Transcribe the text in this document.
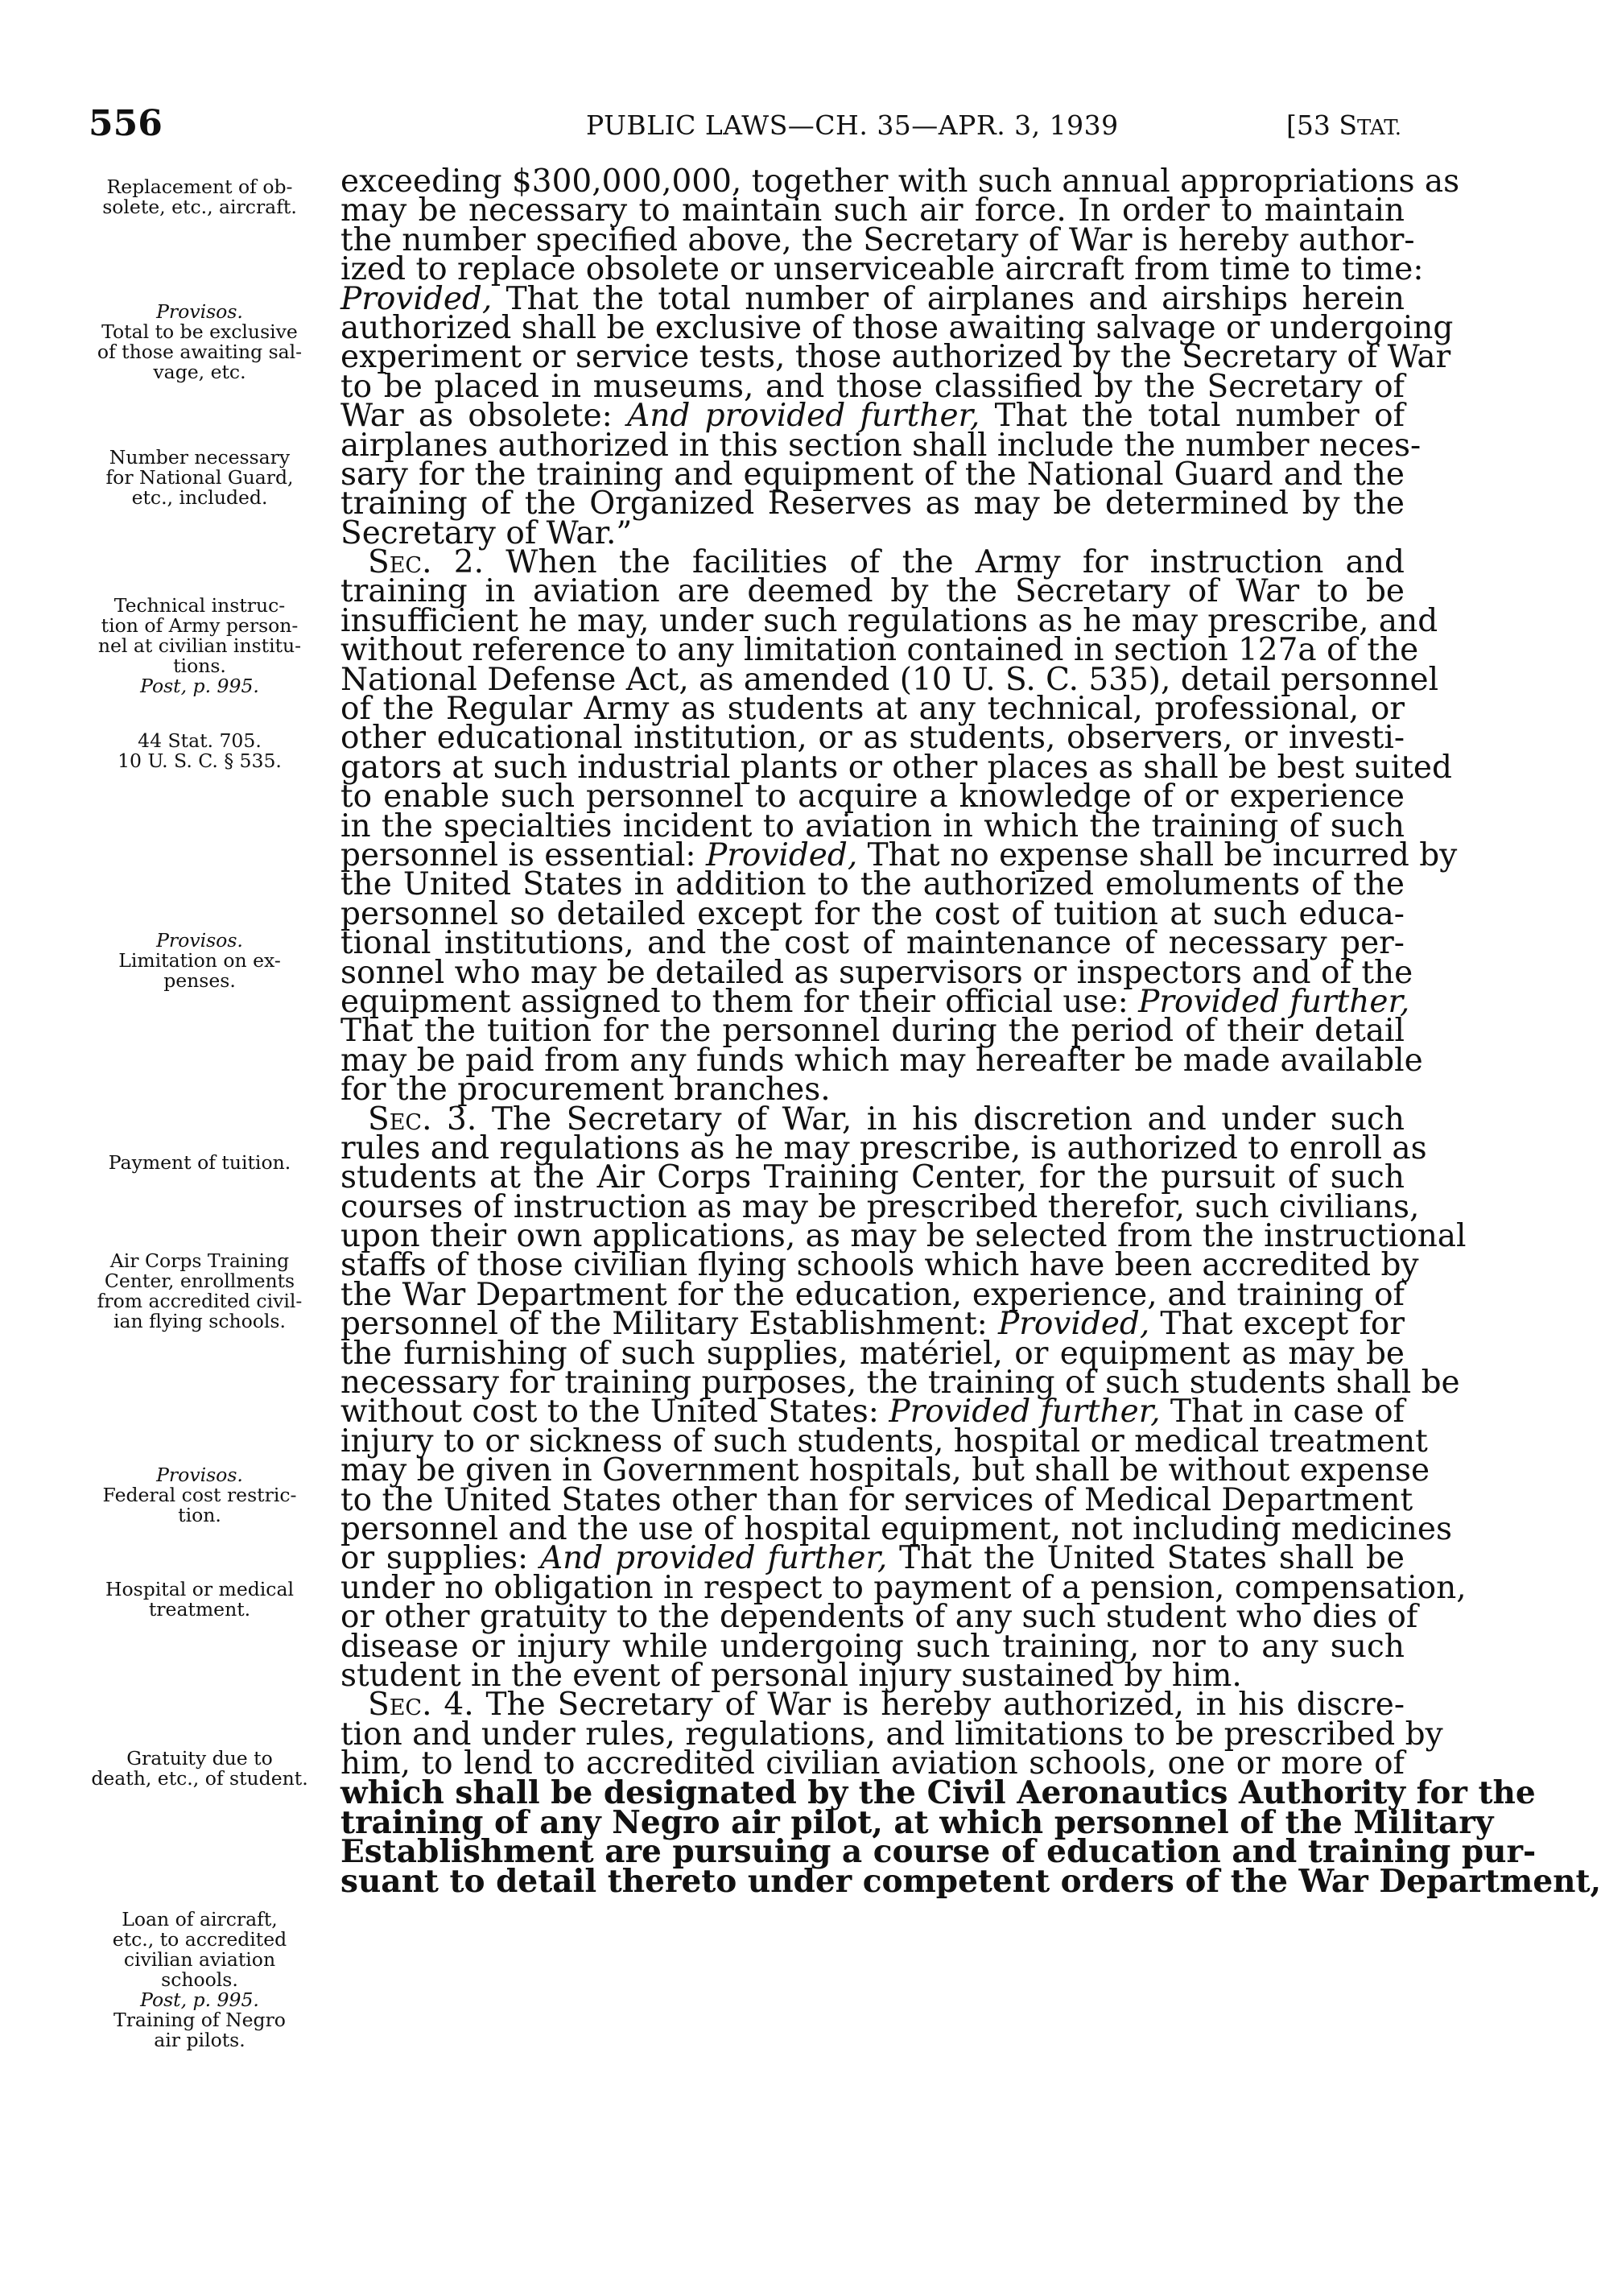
556	PUBLIC LAWS—CH. 35—APR. 3, 1939	[53 STAT.
Replacement of ob-
solete, etc., aircraft.
Provisos.
Total to be exclusive
of those awaiting sal-
vage, etc.
Number necessary
for National Guard,
etc., included.
Technical instruc-
tion of Army person-
nel at civilian institu-
tions.
Post, p. 995.
44 Stat. 705.
10 U. S. C. § 535.
Provisos.
Limitation on ex-
penses.
Payment of tuition.
Air Corps Training
Center, enrollments
from accredited civil-
ian flying schools.
Provisos.
Federal cost restric-
tion.
Hospital or medical
treatment.
Gratuity due to
death, etc., of student.
Loan of aircraft,
etc., to accredited
civilian aviation
schools.
Post, p. 995.
Training of Negro
air pilots.
exceeding $300,000,000, together with such annual appropriations as
may be necessary to maintain such air force. In order to maintain
the number specified above, the Secretary of War is hereby author-
ized to replace obsolete or unserviceable aircraft from time to time:
Provided, That the total number of airplanes and airships herein
authorized shall be exclusive of those awaiting salvage or undergoing
experiment or service tests, those authorized by the Secretary of War
to be placed in museums, and those classified by the Secretary of
War as obsolete: And provided further, That the total number of
airplanes authorized in this section shall include the number neces-
sary for the training and equipment of the National Guard and the
training of the Organized Reserves as may be determined by the
Secretary of War.”
Sec. 2. When the facilities of the Army for instruction and
training in aviation are deemed by the Secretary of War to be
insufficient he may, under such regulations as he may prescribe, and
without reference to any limitation contained in section 127a of the
National Defense Act, as amended (10 U. S. C. 535), detail personnel
of the Regular Army as students at any technical, professional, or
other educational institution, or as students, observers, or investi-
gators at such industrial plants or other places as shall be best suited
to enable such personnel to acquire a knowledge of or experience
in the specialties incident to aviation in which the training of such
personnel is essential: Provided, That no expense shall be incurred by
the United States in addition to the authorized emoluments of the
personnel so detailed except for the cost of tuition at such educa-
tional institutions, and the cost of maintenance of necessary per-
sonnel who may be detailed as supervisors or inspectors and of the
equipment assigned to them for their official use: Provided further,
That the tuition for the personnel during the period of their detail
may be paid from any funds which may hereafter be made available
for the procurement branches.
Sec. 3. The Secretary of War, in his discretion and under such
rules and regulations as he may prescribe, is authorized to enroll as
students at the Air Corps Training Center, for the pursuit of such
courses of instruction as may be prescribed therefor, such civilians,
upon their own applications, as may be selected from the instructional
staffs of those civilian flying schools which have been accredited by
the War Department for the education, experience, and training of
personnel of the Military Establishment: Provided, That except for
the furnishing of such supplies, matériel, or equipment as may be
necessary for training purposes, the training of such students shall be
without cost to the United States: Provided further, That in case of
injury to or sickness of such students, hospital or medical treatment
may be given in Government hospitals, but shall be without expense
to the United States other than for services of Medical Department
personnel and the use of hospital equipment, not including medicines
or supplies: And provided further, That the United States shall be
under no obligation in respect to payment of a pension, compensation,
or other gratuity to the dependents of any such student who dies of
disease or injury while undergoing such training, nor to any such
student in the event of personal injury sustained by him.
Sec. 4. The Secretary of War is hereby authorized, in his discre-
tion and under rules, regulations, and limitations to be prescribed by
him, to lend to accredited civilian aviation schools, one or more of
which shall be designated by the Civil Aeronautics Authority for the
training of any Negro air pilot, at which personnel of the Military
Establishment are pursuing a course of education and training pur-
suant to detail thereto under competent orders of the War Department,
